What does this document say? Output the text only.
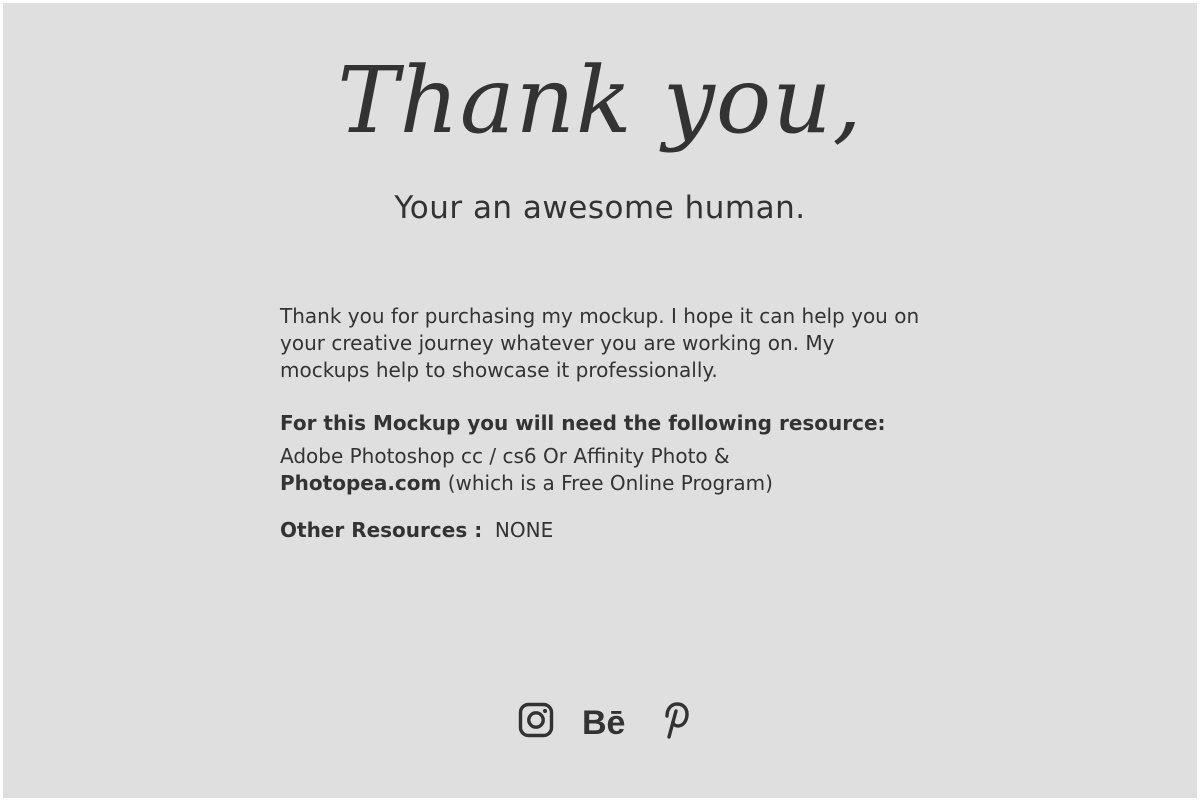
Thank you,
Your an awesome human.

Thank you for purchasing my mockup. I hope it can help you on your creative journey whatever you are working on. My mockups help to showcase it professionally.

For this Mockup you will need the following resource:

Adobe Photoshop cc / cs6 Or Affinity Photo &
Photopea.com (which is a Free Online Program)

Other Resources : NONE

Bē
